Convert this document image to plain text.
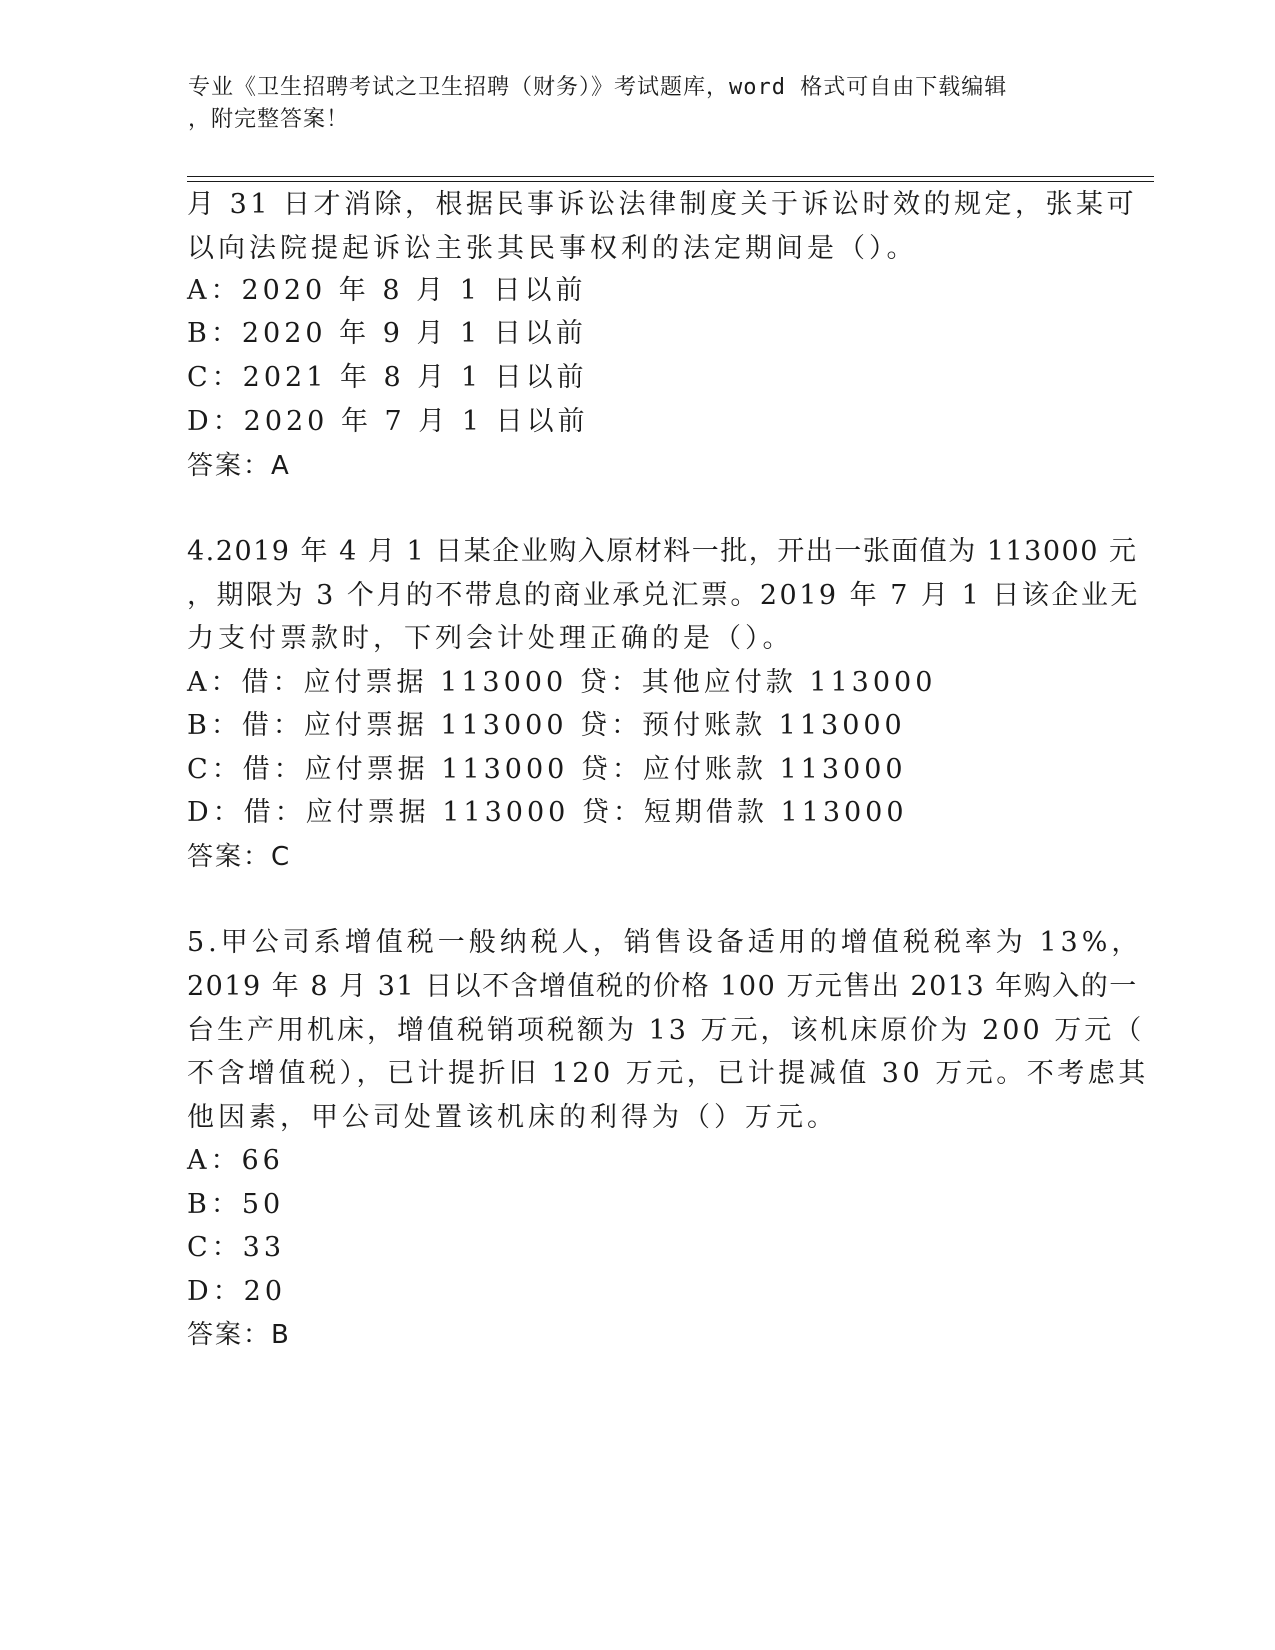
专业《卫生招聘考试之卫生招聘（财务）》考试题库，word 格式可自由下载编辑
，附完整答案！
月 31 日才消除，根据民事诉讼法律制度关于诉讼时效的规定，张某可
以向法院提起诉讼主张其民事权利的法定期间是（）。
A：2020 年 8 月 1 日以前
B：2020 年 9 月 1 日以前
C：2021 年 8 月 1 日以前
D：2020 年 7 月 1 日以前
答案：A
4.2019 年 4 月 1 日某企业购入原材料一批，开出一张面值为 113000 元
，期限为 3 个月的不带息的商业承兑汇票。2019 年 7 月 1 日该企业无
力支付票款时，下列会计处理正确的是（）。
A：借：应付票据 113000 贷：其他应付款 113000
B：借：应付票据 113000 贷：预付账款 113000
C：借：应付票据 113000 贷：应付账款 113000
D：借：应付票据 113000 贷：短期借款 113000
答案：C
5.甲公司系增值税一般纳税人，销售设备适用的增值税税率为 13%，
2019 年 8 月 31 日以不含增值税的价格 100 万元售出 2013 年购入的一
台生产用机床，增值税销项税额为 13 万元，该机床原价为 200 万元（
不含增值税），已计提折旧 120 万元，已计提减值 30 万元。不考虑其
他因素，甲公司处置该机床的利得为（）万元。
A：66
B：50
C：33
D：20
答案：B
